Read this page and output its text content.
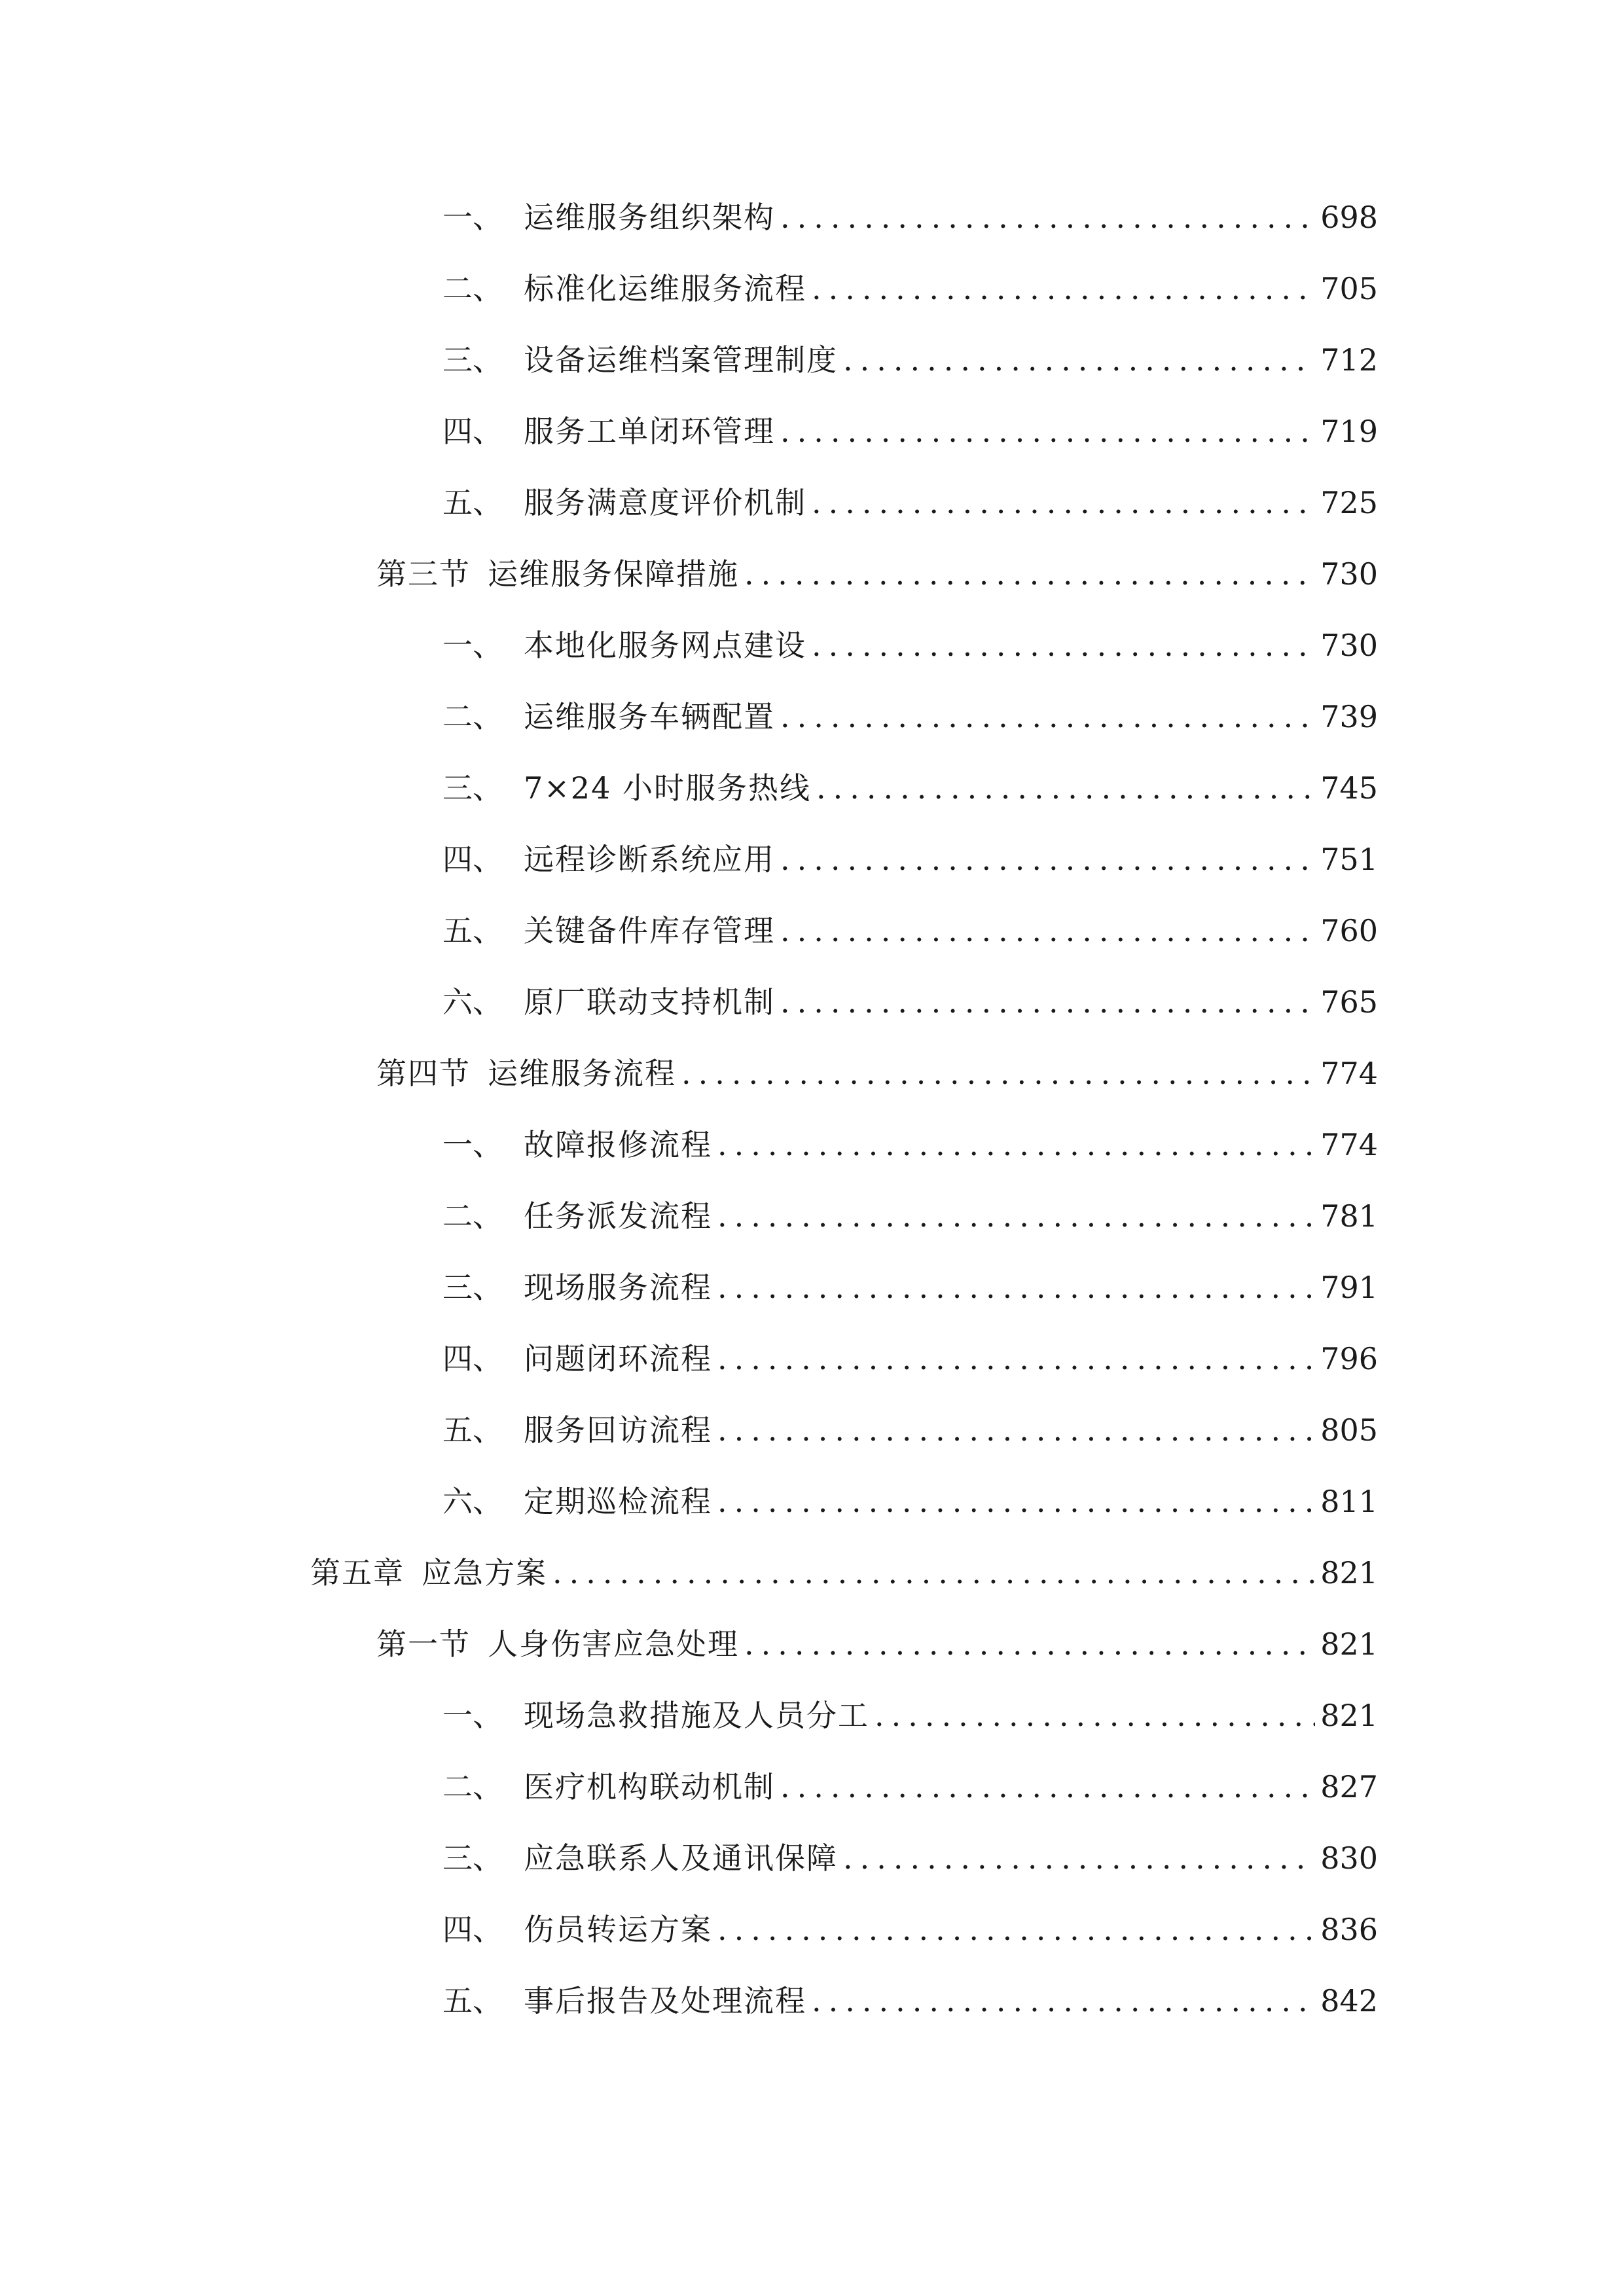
一、 运维服务组织架构 .....	698
二、 标准化运维服务流程 .....	705
三、 设备运维档案管理制度 .....	712
四、 服务工单闭环管理 .....	719
五、 服务满意度评价机制 .....	725
第三节 运维服务保障措施 .....	730
一、 本地化服务网点建设 .....	730
二、 运维服务车辆配置 .....	739
三、 7×24 小时服务热线 .....	745
四、 远程诊断系统应用 .....	751
五、 关键备件库存管理 .....	760
六、 原厂联动支持机制 .....	765
第四节 运维服务流程 .....	774
一、 故障报修流程 .....	774
二、 任务派发流程 .....	781
三、 现场服务流程 .....	791
四、 问题闭环流程 .....	796
五、 服务回访流程 .....	805
六、 定期巡检流程 .....	811
第五章 应急方案 .....	821
第一节 人身伤害应急处理 .....	821
一、 现场急救措施及人员分工 .....	821
二、 医疗机构联动机制 .....	827
三、 应急联系人及通讯保障 .....	830
四、 伤员转运方案 .....	836
五、 事后报告及处理流程 .....	842
